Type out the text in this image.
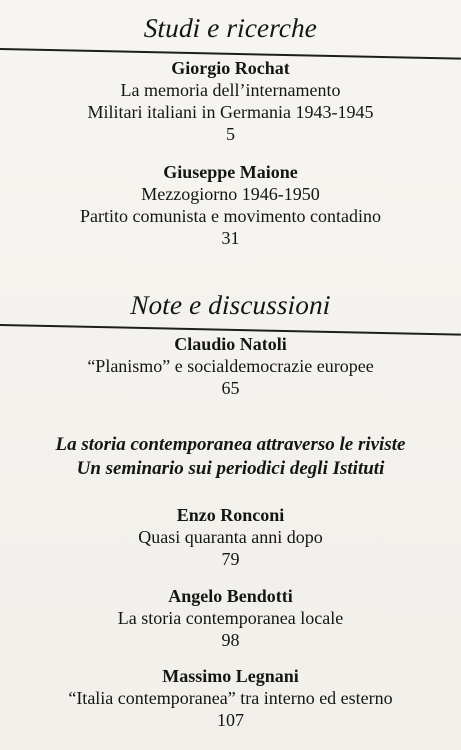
Studi e ricerche
Giorgio Rochat
La memoria dell’internamento
Militari italiani in Germania 1943-1945
5
Giuseppe Maione
Mezzogiorno 1946-1950
Partito comunista e movimento contadino
31
Note e discussioni
Claudio Natoli
“Planismo” e socialdemocrazie europee
65
La storia contemporanea attraverso le riviste
Un seminario sui periodici degli Istituti
Enzo Ronconi
Quasi quaranta anni dopo
79
Angelo Bendotti
La storia contemporanea locale
98
Massimo Legnani
“Italia contemporanea” tra interno ed esterno
107
